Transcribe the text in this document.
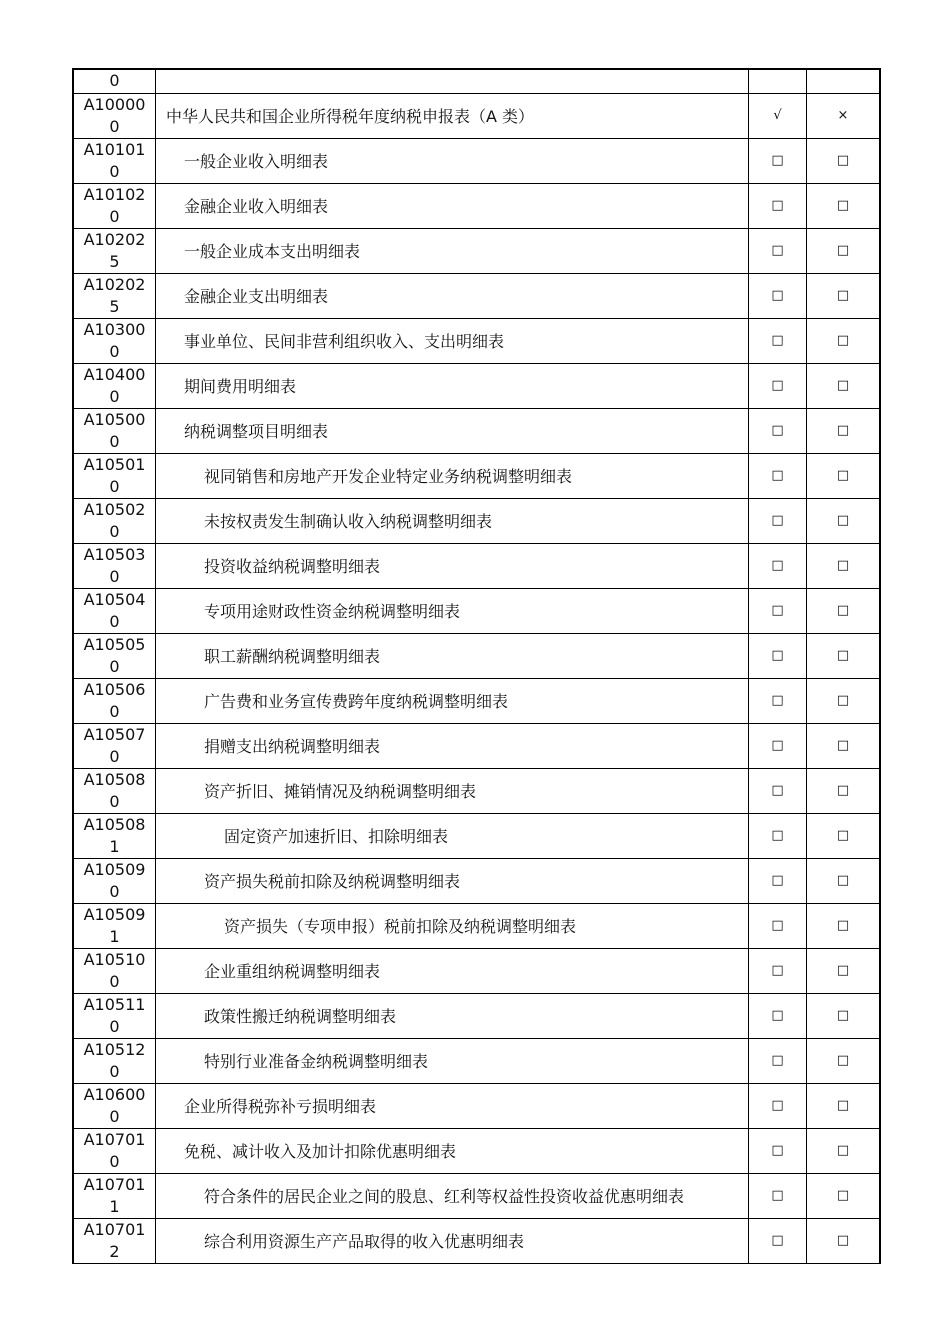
0			
A100000	中华人民共和国企业所得税年度纳税申报表（A 类）	√	×
A101010	一般企业收入明细表	□	□
A101020	金融企业收入明细表	□	□
A102025	一般企业成本支出明细表	□	□
A102025	金融企业支出明细表	□	□
A103000	事业单位、民间非营利组织收入、支出明细表	□	□
A104000	期间费用明细表	□	□
A105000	纳税调整项目明细表	□	□
A105010	视同销售和房地产开发企业特定业务纳税调整明细表	□	□
A105020	未按权责发生制确认收入纳税调整明细表	□	□
A105030	投资收益纳税调整明细表	□	□
A105040	专项用途财政性资金纳税调整明细表	□	□
A105050	职工薪酬纳税调整明细表	□	□
A105060	广告费和业务宣传费跨年度纳税调整明细表	□	□
A105070	捐赠支出纳税调整明细表	□	□
A105080	资产折旧、摊销情况及纳税调整明细表	□	□
A105081	固定资产加速折旧、扣除明细表	□	□
A105090	资产损失税前扣除及纳税调整明细表	□	□
A105091	资产损失（专项申报）税前扣除及纳税调整明细表	□	□
A105100	企业重组纳税调整明细表	□	□
A105110	政策性搬迁纳税调整明细表	□	□
A105120	特别行业准备金纳税调整明细表	□	□
A106000	企业所得税弥补亏损明细表	□	□
A107010	免税、减计收入及加计扣除优惠明细表	□	□
A107011	符合条件的居民企业之间的股息、红利等权益性投资收益优惠明细表	□	□
A107012	综合利用资源生产产品取得的收入优惠明细表	□	□
